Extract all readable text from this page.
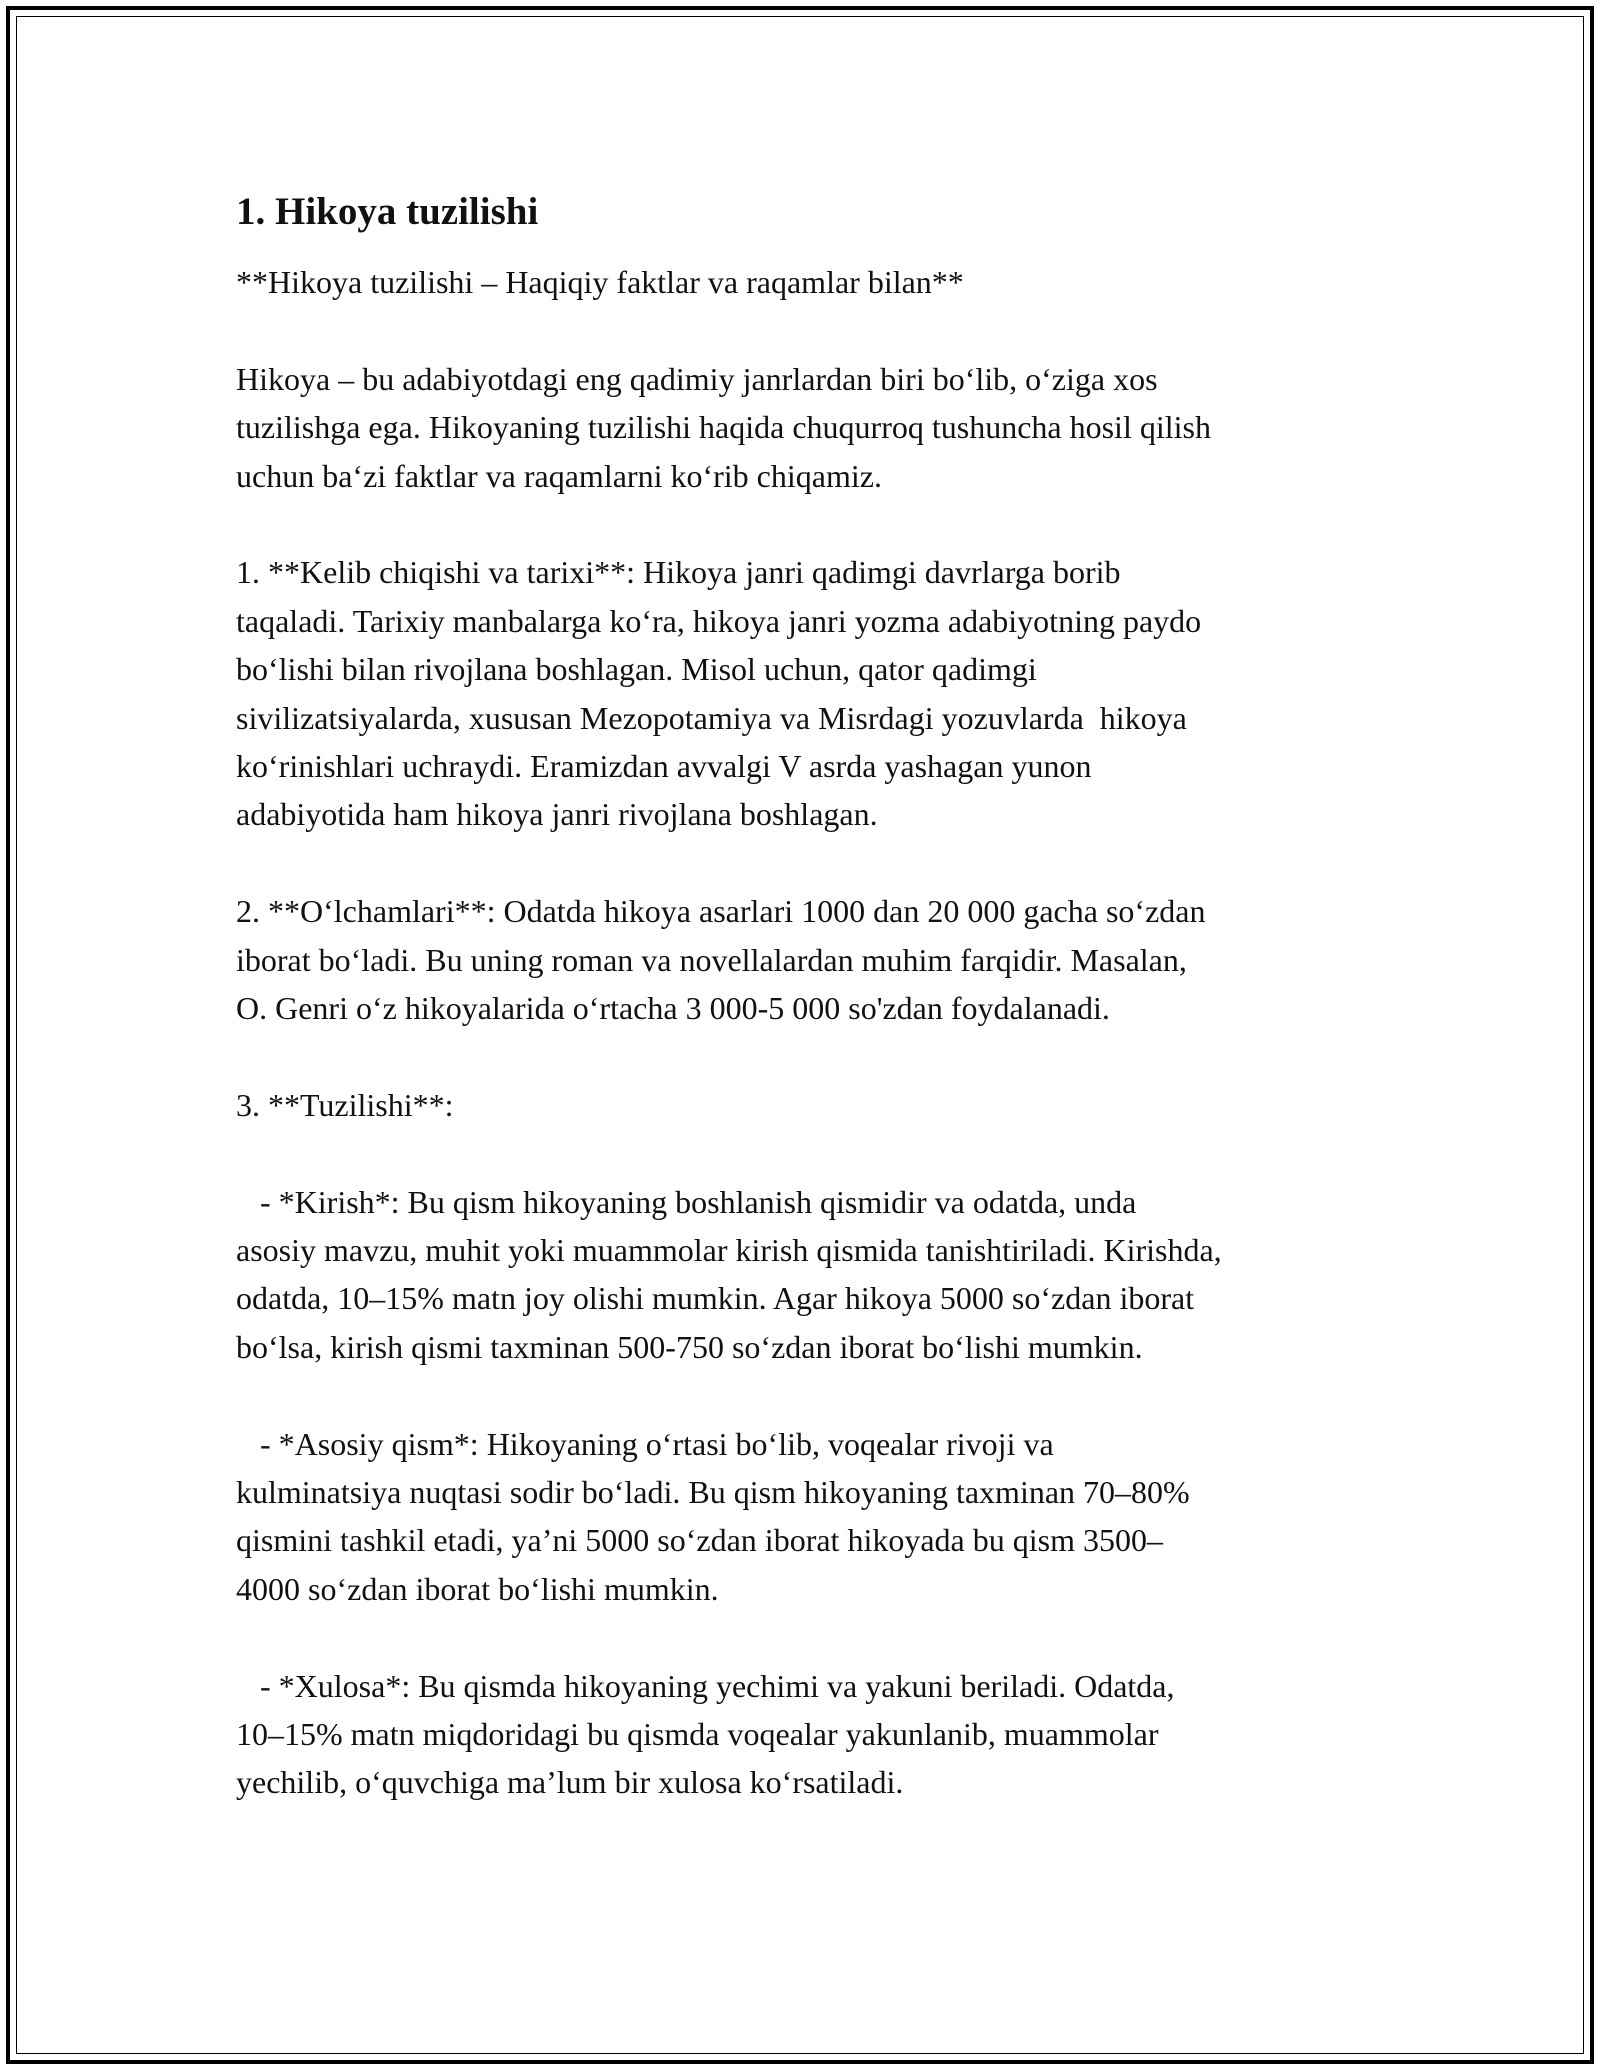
1. Hikoya tuzilishi

**Hikoya tuzilishi – Haqiqiy faktlar va raqamlar bilan**

Hikoya – bu adabiyotdagi eng qadimiy janrlardan biri bo‘lib, o‘ziga xos
tuzilishga ega. Hikoyaning tuzilishi haqida chuqurroq tushuncha hosil qilish
uchun ba‘zi faktlar va raqamlarni ko‘rib chiqamiz.

1. **Kelib chiqishi va tarixi**: Hikoya janri qadimgi davrlarga borib
taqaladi. Tarixiy manbalarga ko‘ra, hikoya janri yozma adabiyotning paydo
bo‘lishi bilan rivojlana boshlagan. Misol uchun, qator qadimgi
sivilizatsiyalarda, xususan Mezopotamiya va Misrdagi yozuvlarda  hikoya
ko‘rinishlari uchraydi. Eramizdan avvalgi V asrda yashagan yunon
adabiyotida ham hikoya janri rivojlana boshlagan.

2. **O‘lchamlari**: Odatda hikoya asarlari 1000 dan 20 000 gacha so‘zdan
iborat bo‘ladi. Bu uning roman va novellalardan muhim farqidir. Masalan,
O. Genri o‘z hikoyalarida o‘rtacha 3 000-5 000 so'zdan foydalanadi.

3. **Tuzilishi**:

- *Kirish*: Bu qism hikoyaning boshlanish qismidir va odatda, unda
asosiy mavzu, muhit yoki muammolar kirish qismida tanishtiriladi. Kirishda,
odatda, 10–15% matn joy olishi mumkin. Agar hikoya 5000 so‘zdan iborat
bo‘lsa, kirish qismi taxminan 500-750 so‘zdan iborat bo‘lishi mumkin.

- *Asosiy qism*: Hikoyaning o‘rtasi bo‘lib, voqealar rivoji va
kulminatsiya nuqtasi sodir bo‘ladi. Bu qism hikoyaning taxminan 70–80%
qismini tashkil etadi, ya’ni 5000 so‘zdan iborat hikoyada bu qism 3500–
4000 so‘zdan iborat bo‘lishi mumkin.

- *Xulosa*: Bu qismda hikoyaning yechimi va yakuni beriladi. Odatda,
10–15% matn miqdoridagi bu qismda voqealar yakunlanib, muammolar
yechilib, o‘quvchiga ma’lum bir xulosa ko‘rsatiladi.
